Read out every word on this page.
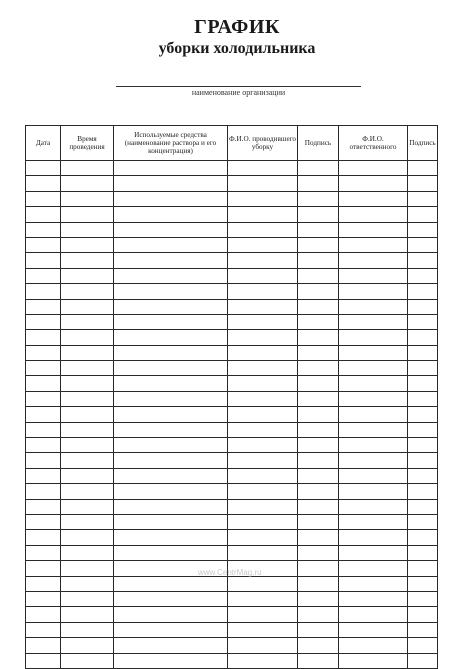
ГРАФИК
уборки холодильника
наименование организации
Дата	Время проведения	Используемые средства (наименование раствора и его концентрация)	Ф.И.О. проводившего уборку	Подпись	Ф.И.О. ответственного	Подпись

www.CentrMag.ru
